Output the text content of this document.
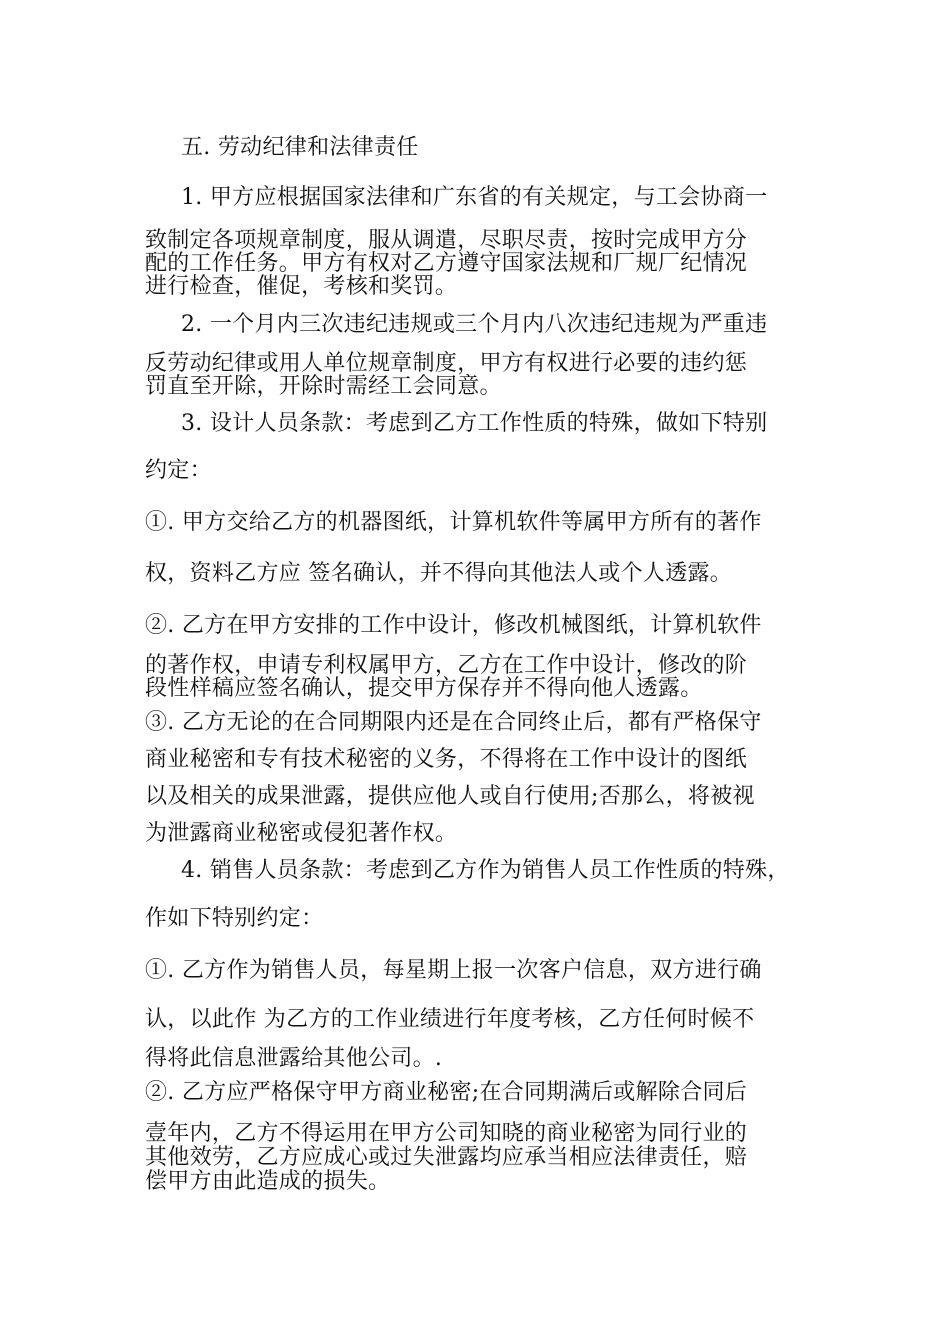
五. 劳动纪律和法律责任
1. 甲方应根据国家法律和广东省的有关规定，与工会协商一
致制定各项规章制度，服从调遣，尽职尽责，按时完成甲方分
配的工作任务。甲方有权对乙方遵守国家法规和厂规厂纪情况
进行检查，催促，考核和奖罚。
2. 一个月内三次违纪违规或三个月内八次违纪违规为严重违
反劳动纪律或用人单位规章制度，甲方有权进行必要的违约惩
罚直至开除，开除时需经工会同意。
3. 设计人员条款：考虑到乙方工作性质的特殊，做如下特别
约定：
①. 甲方交给乙方的机器图纸，计算机软件等属甲方所有的著作
权，资料乙方应 签名确认，并不得向其他法人或个人透露。
②. 乙方在甲方安排的工作中设计，修改机械图纸，计算机软件
的著作权，申请专利权属甲方，乙方在工作中设计，修改的阶
段性样稿应签名确认，提交甲方保存并不得向他人透露。
③. 乙方无论的在合同期限内还是在合同终止后，都有严格保守
商业秘密和专有技术秘密的义务，不得将在工作中设计的图纸
以及相关的成果泄露，提供应他人或自行使用;否那么，将被视
为泄露商业秘密或侵犯著作权。
4. 销售人员条款：考虑到乙方作为销售人员工作性质的特殊，
作如下特别约定：
①. 乙方作为销售人员，每星期上报一次客户信息，双方进行确
认，以此作 为乙方的工作业绩进行年度考核，乙方任何时候不
得将此信息泄露给其他公司。.
②. 乙方应严格保守甲方商业秘密;在合同期满后或解除合同后
壹年内，乙方不得运用在甲方公司知晓的商业秘密为同行业的
其他效劳，乙方应成心或过失泄露均应承当相应法律责任，赔
偿甲方由此造成的损失。
